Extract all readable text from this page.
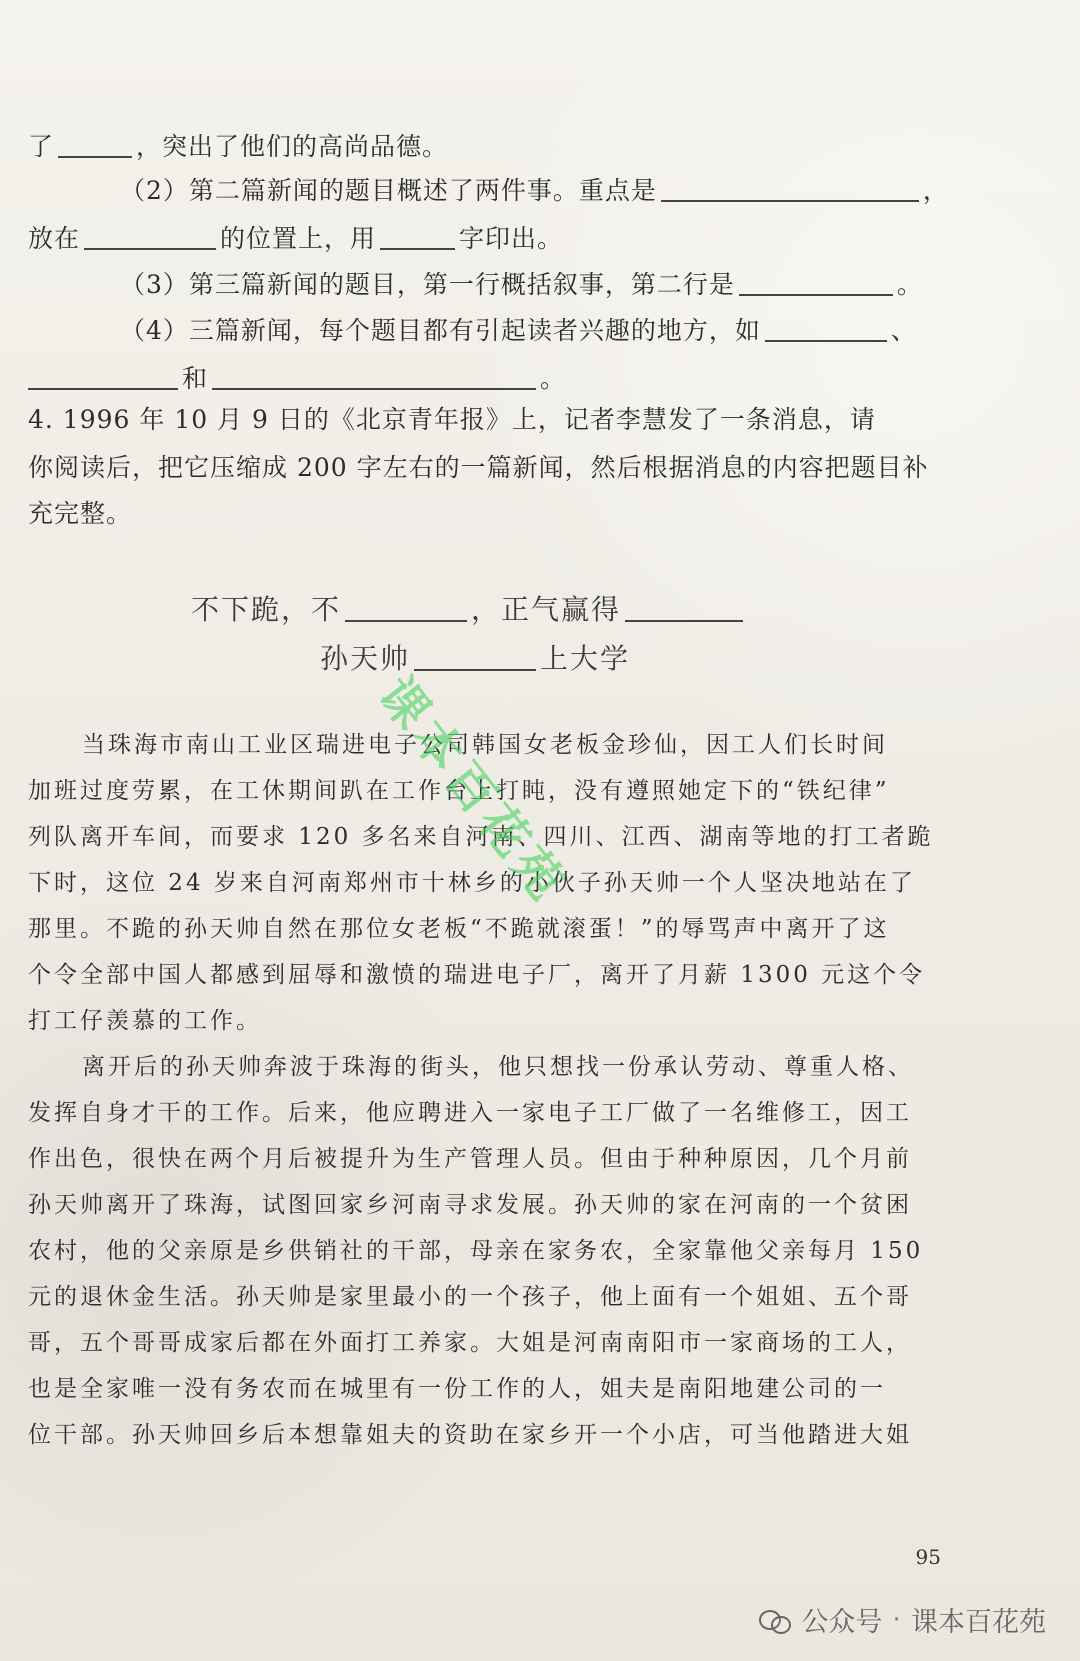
了	，突出了他们的高尚品德。
（2）第二篇新闻的题目概述了两件事。重点是	，
放在	的位置上，用	字印出。
（3）第三篇新闻的题目，第一行概括叙事，第二行是	。
（4）三篇新闻，每个题目都有引起读者兴趣的地方，如	、
和	。
4. 1996 年 10 月 9 日的《北京青年报》上，记者李慧发了一条消息，请
你阅读后，把它压缩成 200 字左右的一篇新闻，然后根据消息的内容把题目补
充完整。
不下跪，不	，正气赢得
孙天帅	上大学
当珠海市南山工业区瑞进电子公司韩国女老板金珍仙，因工人们长时间
加班过度劳累，在工休期间趴在工作台上打盹，没有遵照她定下的“铁纪律”
列队离开车间，而要求 120 多名来自河南、四川、江西、湖南等地的打工者跪
下时，这位 24 岁来自河南郑州市十林乡的小伙子孙天帅一个人坚决地站在了
那里。不跪的孙天帅自然在那位女老板“不跪就滚蛋！”的辱骂声中离开了这
个令全部中国人都感到屈辱和激愤的瑞进电子厂，离开了月薪 1300 元这个令
打工仔羡慕的工作。
离开后的孙天帅奔波于珠海的街头，他只想找一份承认劳动、尊重人格、
发挥自身才干的工作。后来，他应聘进入一家电子工厂做了一名维修工，因工
作出色，很快在两个月后被提升为生产管理人员。但由于种种原因，几个月前
孙天帅离开了珠海，试图回家乡河南寻求发展。孙天帅的家在河南的一个贫困
农村，他的父亲原是乡供销社的干部，母亲在家务农，全家靠他父亲每月 150
元的退休金生活。孙天帅是家里最小的一个孩子，他上面有一个姐姐、五个哥
哥，五个哥哥成家后都在外面打工养家。大姐是河南南阳市一家商场的工人，
也是全家唯一没有务农而在城里有一份工作的人，姐夫是南阳地建公司的一
位干部。孙天帅回乡后本想靠姐夫的资助在家乡开一个小店，可当他踏进大姐
95
课本百花苑
公众号 · 课本百花苑
